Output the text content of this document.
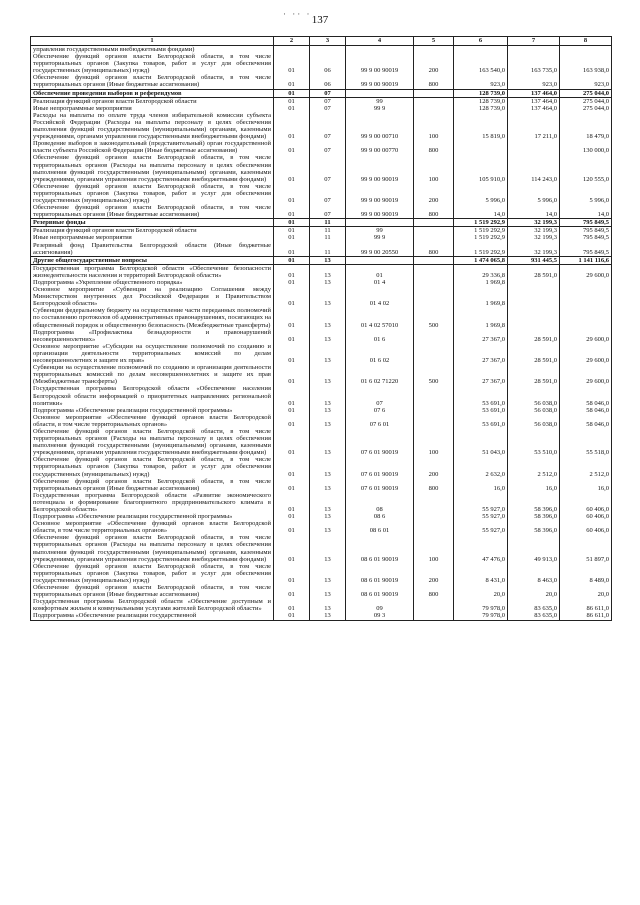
· ·· · 137
1	2	3	4	5	6	7	8
управления государственными внебюджетными фондами)							
Обеспечение функций органов власти Белгородской области, в том числе территориальных органов (Закупка товаров, работ и услуг для обеспечения государственных (муниципальных) нужд)	01	06	99 9 00 90019	200	163 540,0	163 735,0	163 938,0
Обеспечение функций органов власти Белгородской области, в том числе территориальных органов (Иные бюджетные ассигнования)	01	06	99 9 00 90019	800	923,0	923,0	923,0
Обеспечение проведения выборов и референдумов	01	07			128 739,0	137 464,0	275 044,0
Реализация функций органов власти Белгородской области	01	07	99		128 739,0	137 464,0	275 044,0
Иные непрограммные мероприятия	01	07	99 9		128 739,0	137 464,0	275 044,0
Расходы на выплаты по оплате труда членов избирательной комиссии субъекта Российской Федерации (Расходы на выплаты персоналу в целях обеспечения выполнения функций государственными (муниципальными) органами, казенными учреждениями, органами управления государственными внебюджетными фондами)	01	07	99 9 00 00710	100	15 819,0	17 211,0	18 479,0
Проведение выборов в законодательный (представительный) орган государственной власти субъекта Российской Федерации (Иные бюджетные ассигнования)	01	07	99 9 00 00770	800			130 000,0
Обеспечение функций органов власти Белгородской области, в том числе территориальных органов (Расходы на выплаты персоналу в целях обеспечения выполнения функций государственными (муниципальными) органами, казенными учреждениями, органами управления государственными внебюджетными фондами)	01	07	99 9 00 90019	100	105 910,0	114 243,0	120 555,0
Обеспечение функций органов власти Белгородской области, в том числе территориальных органов (Закупка товаров, работ и услуг для обеспечения государственных (муниципальных) нужд)	01	07	99 9 00 90019	200	5 996,0	5 996,0	5 996,0
Обеспечение функций органов власти Белгородской области, в том числе территориальных органов (Иные бюджетные ассигнования)	01	07	99 9 00 90019	800	14,0	14,0	14,0
Резервные фонды	01	11			1 519 292,9	32 199,3	795 849,5
Реализация функций органов власти Белгородской области	01	11	99		1 519 292,9	32 199,3	795 849,5
Иные непрограммные мероприятия	01	11	99 9		1 519 292,9	32 199,3	795 849,5
Резервный фонд Правительства Белгородской области (Иные бюджетные ассигнования)	01	11	99 9 00 20550	800	1 519 292,9	32 199,3	795 849,5
Другие общегосударственные вопросы	01	13			1 474 065,8	931 445,5	1 141 116,6
Государственная программа Белгородской области «Обеспечение безопасности жизнедеятельности населения и территорий Белгородской области»	01	13	01		29 336,8	28 591,0	29 600,0
Подпрограмма «Укрепление общественного порядка»	01	13	01 4		1 969,8		
Основное мероприятие «Субвенции на реализацию Соглашения между Министерством внутренних дел Российской Федерации и Правительством Белгородской области»	01	13	01 4 02		1 969,8		
Субвенции федеральному бюджету на осуществление части переданных полномочий по составлению протоколов об административных правонарушениях, посягающих на общественный порядок и общественную безопасность (Межбюджетные трансферты)	01	13	01 4 02 57010	500	1 969,8		
Подпрограмма «Профилактика безнадзорности и правонарушений несовершеннолетних»	01	13	01 6		27 367,0	28 591,0	29 600,0
Основное мероприятие «Субсидии на осуществление полномочий по созданию и организации деятельности территориальных комиссий по делам несовершеннолетних и защите их прав»	01	13	01 6 02		27 367,0	28 591,0	29 600,0
Субвенции на осуществление полномочий по созданию и организации деятельности территориальных комиссий по делам несовершеннолетних и защите их прав (Межбюджетные трансферты)	01	13	01 6 02 71220	500	27 367,0	28 591,0	29 600,0
Государственная программа Белгородской области «Обеспечение населения Белгородской области информацией о приоритетных направлениях региональной политики»	01	13	07		53 691,0	56 038,0	58 046,0
Подпрограмма «Обеспечение реализации государственной программы»	01	13	07 6		53 691,0	56 038,0	58 046,0
Основное мероприятие «Обеспечение функций органов власти Белгородской области, в том числе территориальных органов»	01	13	07 6 01		53 691,0	56 038,0	58 046,0
Обеспечение функций органов власти Белгородской области, в том числе территориальных органов (Расходы на выплаты персоналу в целях обеспечения выполнения функций государственными (муниципальными) органами, казенными учреждениями, органами управления государственными внебюджетными фондами)	01	13	07 6 01 90019	100	51 043,0	53 510,0	55 518,0
Обеспечение функций органов власти Белгородской области, в том числе территориальных органов (Закупка товаров, работ и услуг для обеспечения государственных (муниципальных) нужд)	01	13	07 6 01 90019	200	2 632,0	2 512,0	2 512,0
Обеспечение функций органов власти Белгородской области, в том числе территориальных органов (Иные бюджетные ассигнования)	01	13	07 6 01 90019	800	16,0	16,0	16,0
Государственная программа Белгородской области «Развитие экономического потенциала и формирование благоприятного предпринимательского климата в Белгородской области»	01	13	08		55 927,0	58 396,0	60 406,0
Подпрограмма «Обеспечение реализации государственной программы»	01	13	08 6		55 927,0	58 396,0	60 406,0
Основное мероприятие «Обеспечение функций органов власти Белгородской области, в том числе территориальных органов»	01	13	08 6 01		55 927,0	58 396,0	60 406,0
Обеспечение функций органов власти Белгородской области, в том числе территориальных органов (Расходы на выплаты персоналу в целях обеспечения выполнения функций государственными (муниципальными) органами, казенными учреждениями, органами управления государственными внебюджетными фондами)	01	13	08 6 01 90019	100	47 476,0	49 913,0	51 897,0
Обеспечение функций органов власти Белгородской области, в том числе территориальных органов (Закупка товаров, работ и услуг для обеспечения государственных (муниципальных) нужд)	01	13	08 6 01 90019	200	8 431,0	8 463,0	8 489,0
Обеспечение функций органов власти Белгородской области, в том числе территориальных органов (Иные бюджетные ассигнования)	01	13	08 6 01 90019	800	20,0	20,0	20,0
Государственная программа Белгородской области «Обеспечение доступным и комфортным жильем и коммунальными услугами жителей Белгородской области»	01	13	09		79 978,0	83 635,0	86 611,0
Подпрограмма «Обеспечение реализации государственной	01	13	09 3		79 978,0	83 635,0	86 611,0
